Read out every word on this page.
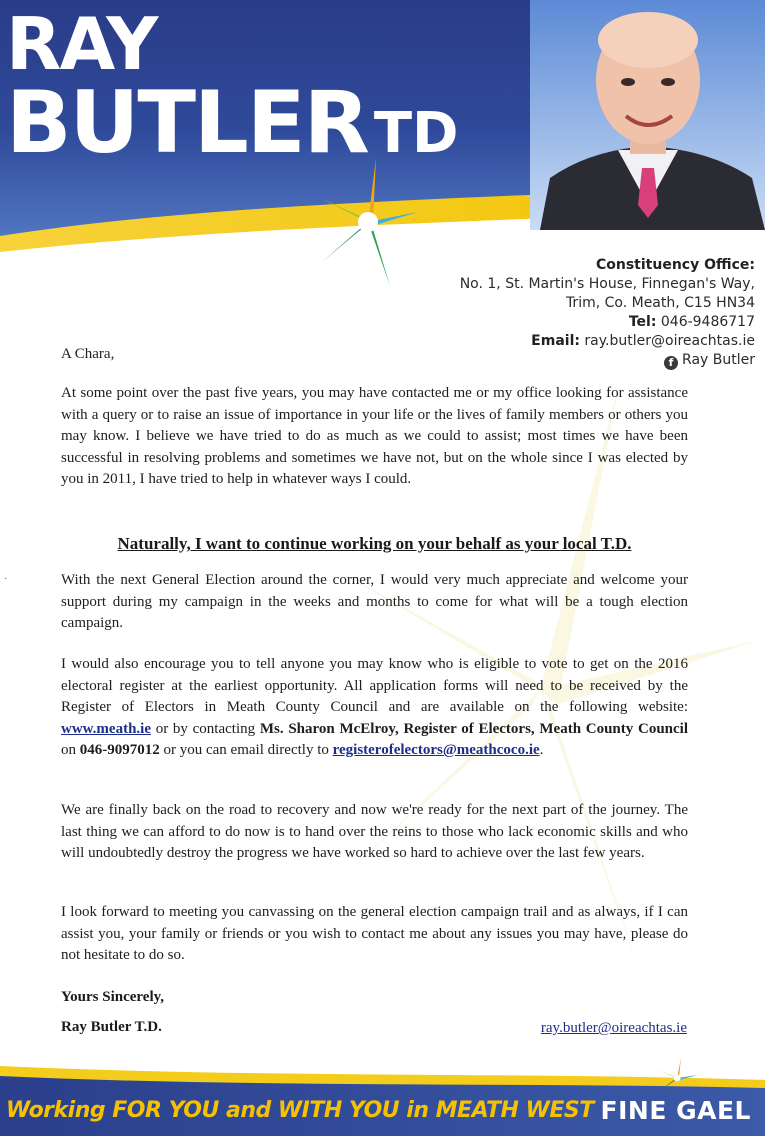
RAY
BUTLER TD
Constituency Office:
No. 1, St. Martin's House, Finnegan's Way,
Trim, Co. Meath, C15 HN34
Tel: 046-9486717
Email: ray.butler@oireachtas.ie
f Ray Butler
·
A Chara,

At some point over the past five years, you may have contacted me or my office looking for assistance with a query or to raise an issue of importance in your life or the lives of family members or others you may know. I believe we have tried to do as much as we could to assist; most times we have been successful in resolving problems and sometimes we have not, but on the whole since I was elected by you in 2011, I have tried to help in whatever ways I could.

Naturally, I want to continue working on your behalf as your local T.D.

With the next General Election around the corner, I would very much appreciate and welcome your support during my campaign in the weeks and months to come for what will be a tough election campaign.

I would also encourage you to tell anyone you may know who is eligible to vote to get on the 2016 electoral register at the earliest opportunity. All application forms will need to be received by the Register of Electors in Meath County Council and are available on the following website: www.meath.ie or by contacting Ms. Sharon McElroy, Register of Electors, Meath County Council on 046-9097012 or you can email directly to registerofelectors@meathcoco.ie.

We are finally back on the road to recovery and now we're ready for the next part of the journey. The last thing we can afford to do now is to hand over the reins to those who lack economic skills and who will undoubtedly destroy the progress we have worked so hard to achieve over the last few years.

I look forward to meeting you canvassing on the general election campaign trail and as always, if I can assist you, your family or friends or you wish to contact me about any issues you may have, please do not hesitate to do so.

Yours Sincerely,
Ray Butler T.D.	ray.butler@oireachtas.ie
Working FOR YOU and WITH YOU in MEATH WEST FINE GAEL
